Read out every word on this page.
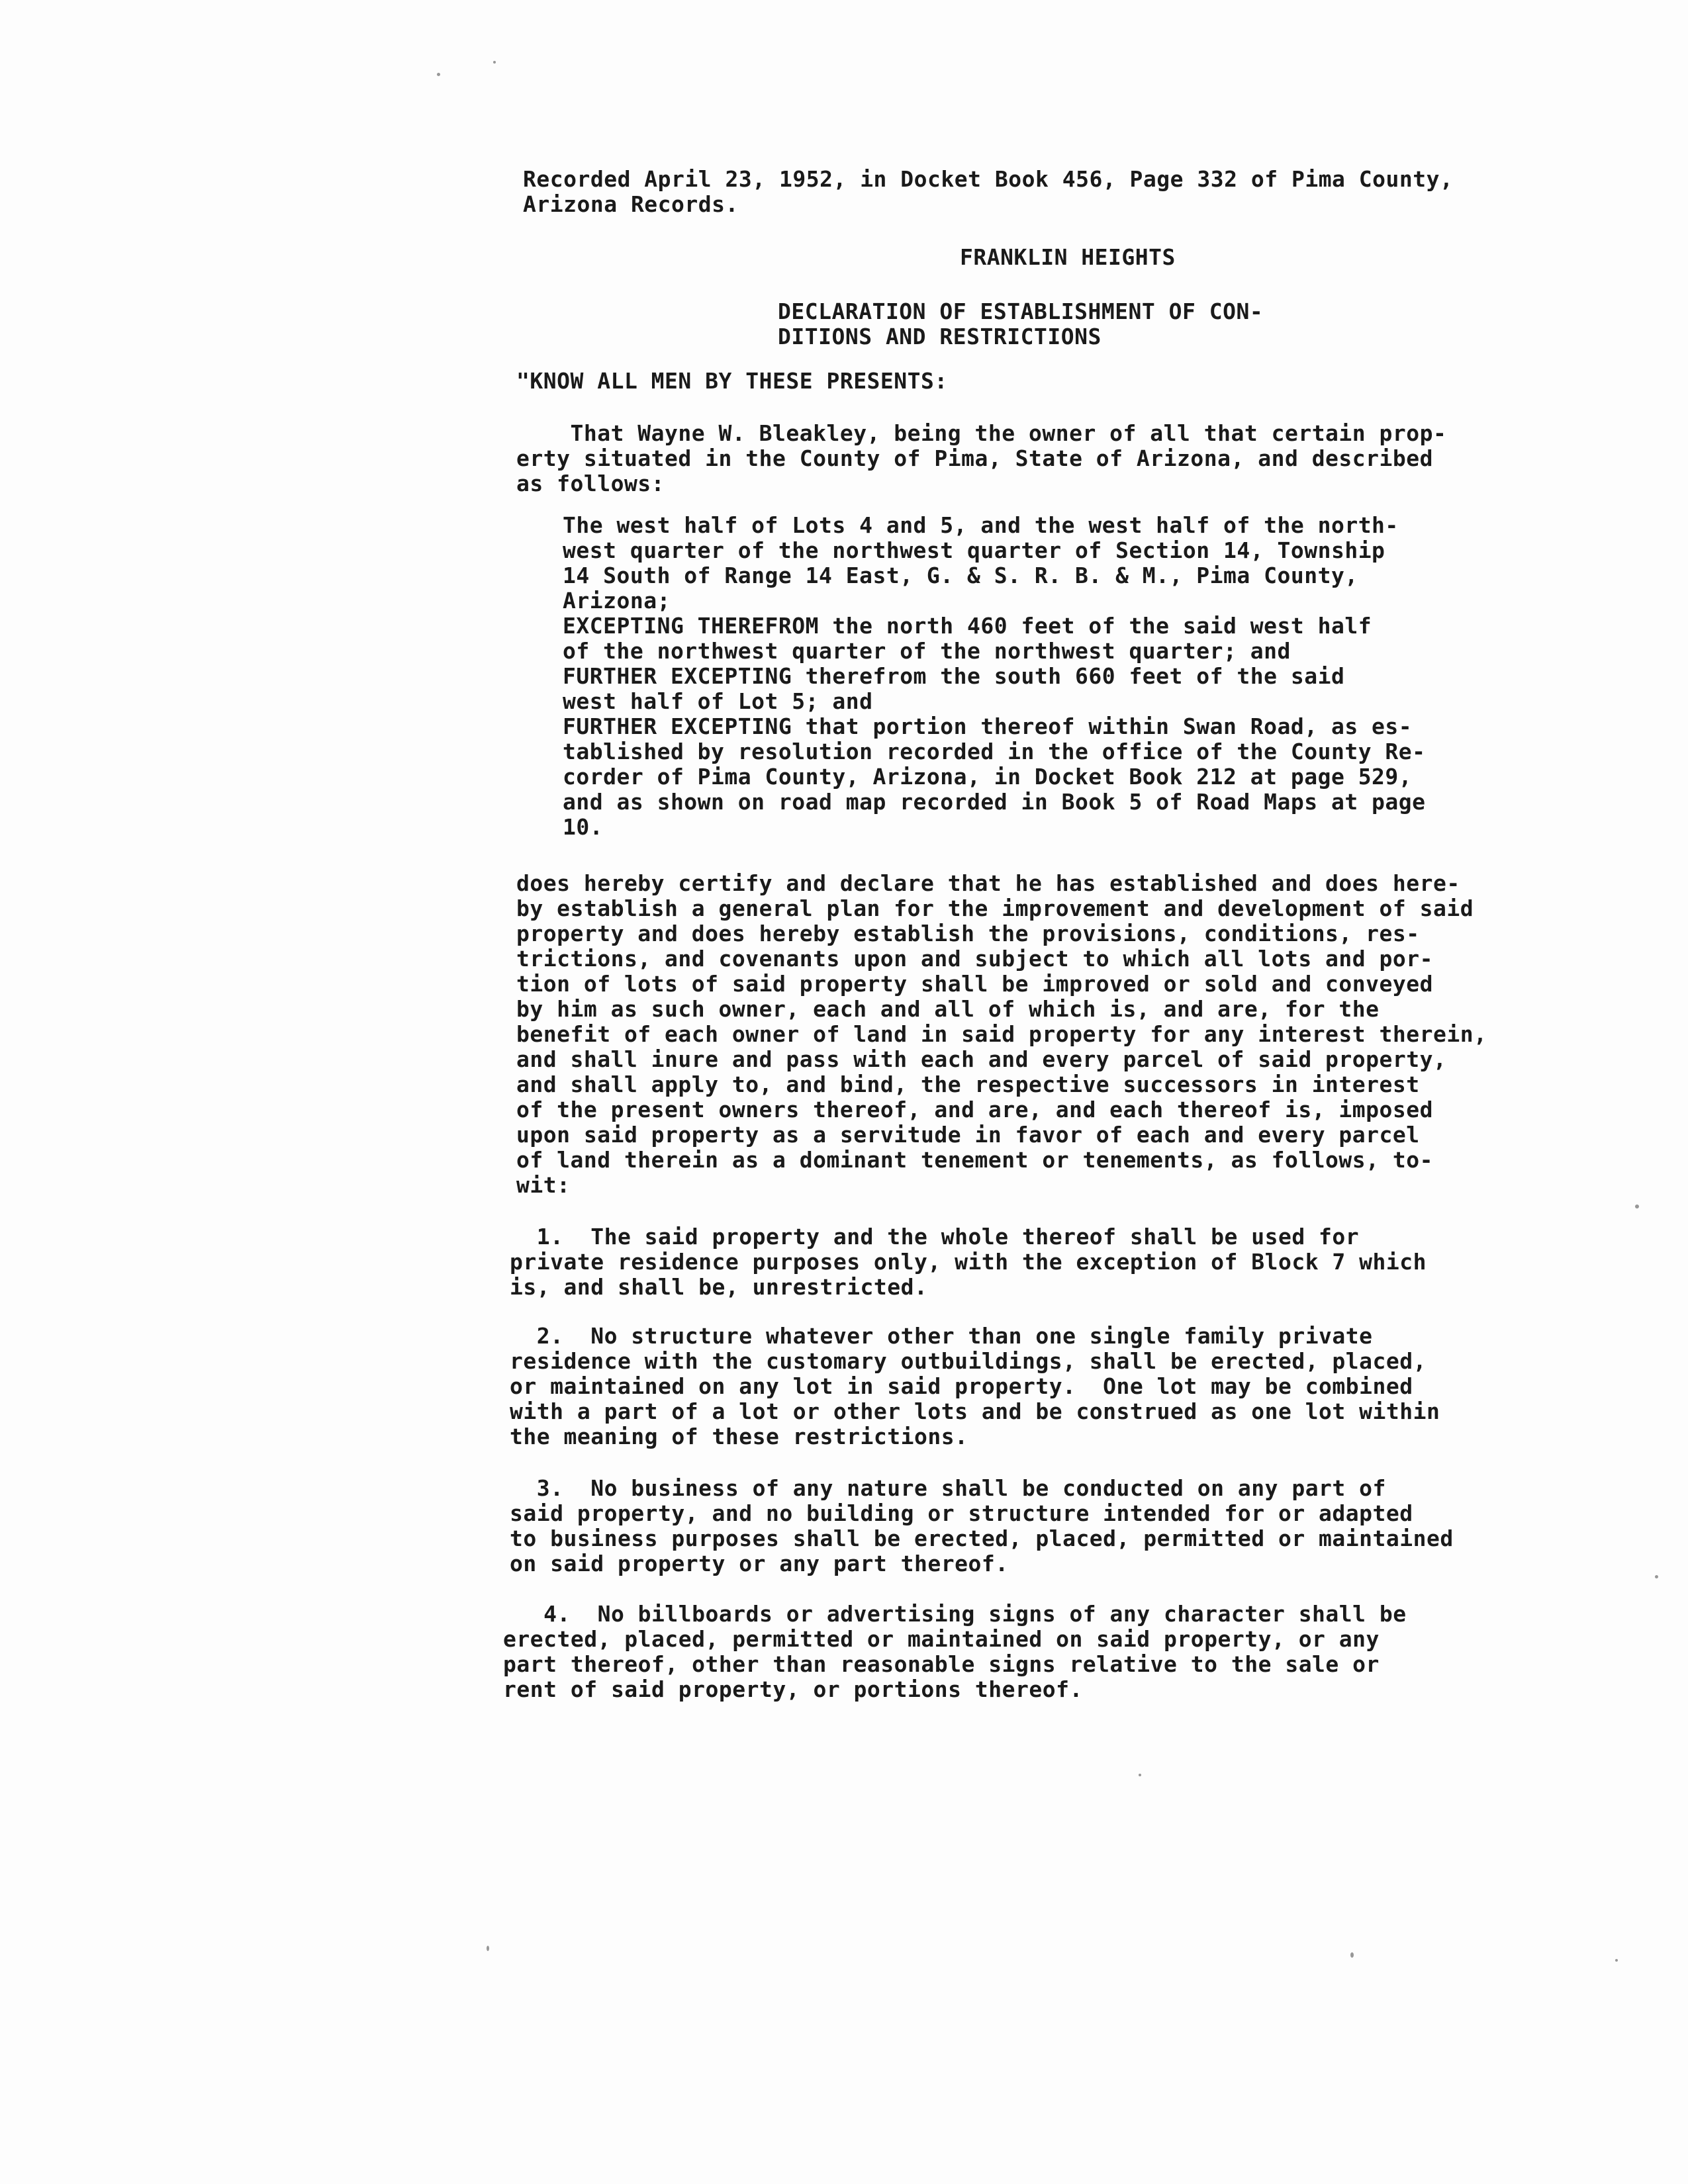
Recorded April 23, 1952, in Docket Book 456, Page 332 of Pima County,
Arizona Records.
FRANKLIN HEIGHTS
DECLARATION OF ESTABLISHMENT OF CON-
DITIONS AND RESTRICTIONS
"KNOW ALL MEN BY THESE PRESENTS:
That Wayne W. Bleakley, being the owner of all that certain prop-
erty situated in the County of Pima, State of Arizona, and described
as follows:
The west half of Lots 4 and 5, and the west half of the north-
west quarter of the northwest quarter of Section 14, Township
14 South of Range 14 East, G. & S. R. B. & M., Pima County,
Arizona;
EXCEPTING THEREFROM the north 460 feet of the said west half
of the northwest quarter of the northwest quarter; and
FURTHER EXCEPTING therefrom the south 660 feet of the said
west half of Lot 5; and
FURTHER EXCEPTING that portion thereof within Swan Road, as es-
tablished by resolution recorded in the office of the County Re-
corder of Pima County, Arizona, in Docket Book 212 at page 529,
and as shown on road map recorded in Book 5 of Road Maps at page
10.
does hereby certify and declare that he has established and does here-
by establish a general plan for the improvement and development of said
property and does hereby establish the provisions, conditions, res-
trictions, and covenants upon and subject to which all lots and por-
tion of lots of said property shall be improved or sold and conveyed
by him as such owner, each and all of which is, and are, for the
benefit of each owner of land in said property for any interest therein,
and shall inure and pass with each and every parcel of said property,
and shall apply to, and bind, the respective successors in interest
of the present owners thereof, and are, and each thereof is, imposed
upon said property as a servitude in favor of each and every parcel
of land therein as a dominant tenement or tenements, as follows, to-
wit:
1.  The said property and the whole thereof shall be used for
private residence purposes only, with the exception of Block 7 which
is, and shall be, unrestricted.
2.  No structure whatever other than one single family private
residence with the customary outbuildings, shall be erected, placed,
or maintained on any lot in said property.  One lot may be combined
with a part of a lot or other lots and be construed as one lot within
the meaning of these restrictions.
3.  No business of any nature shall be conducted on any part of
said property, and no building or structure intended for or adapted
to business purposes shall be erected, placed, permitted or maintained
on said property or any part thereof.
4.  No billboards or advertising signs of any character shall be
erected, placed, permitted or maintained on said property, or any
part thereof, other than reasonable signs relative to the sale or
rent of said property, or portions thereof.
